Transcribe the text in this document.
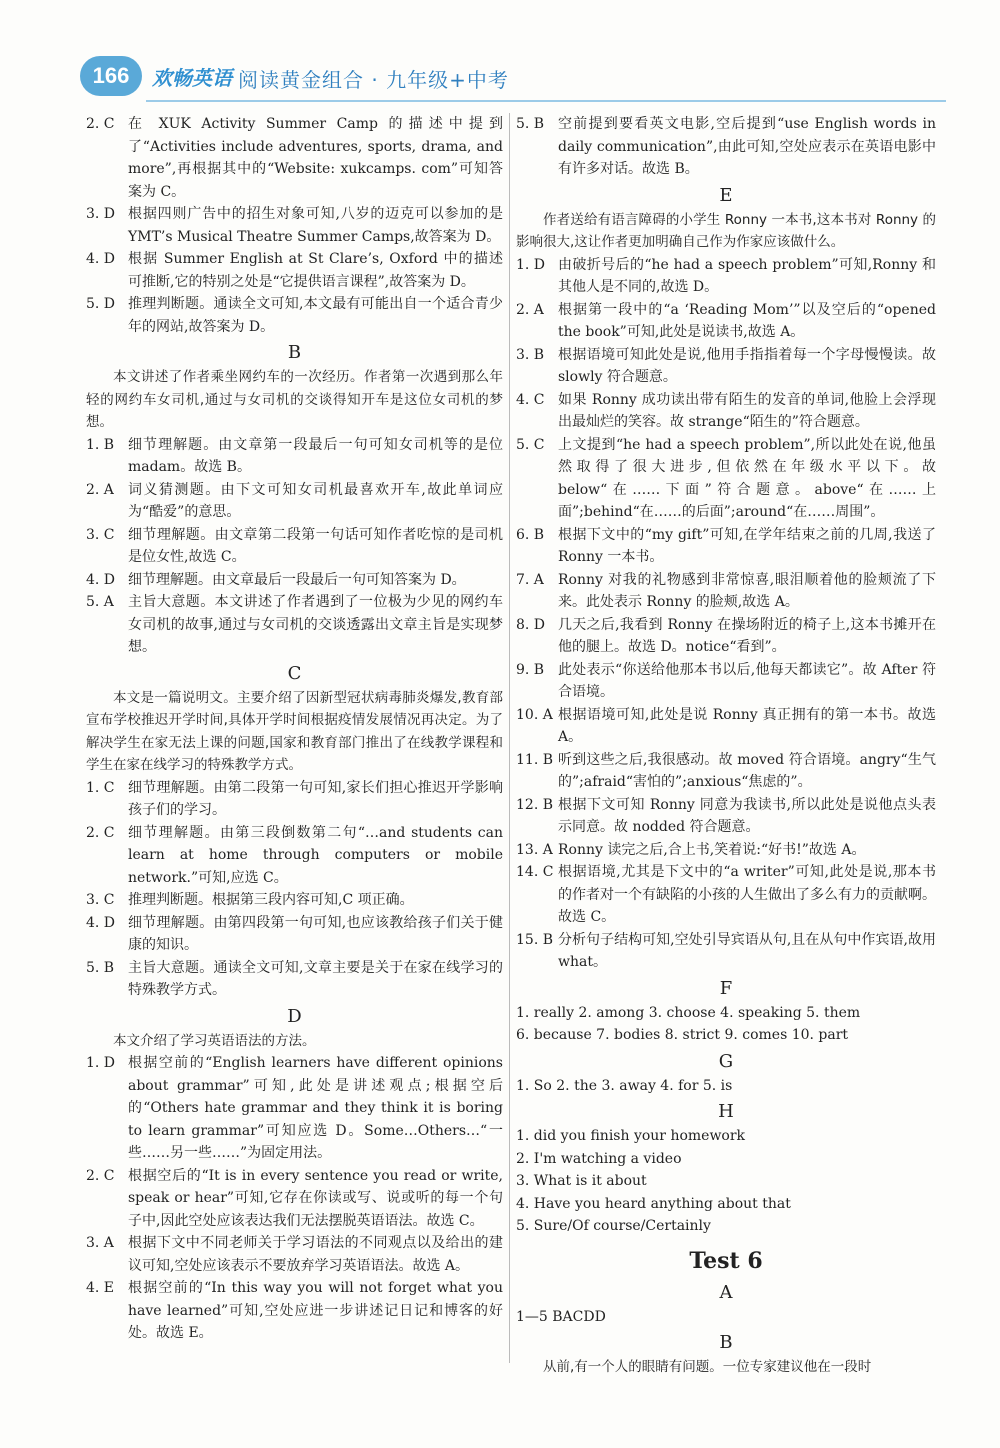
166	欢畅英语 阅读黄金组合 · 九年级+中考
2. C 在 XUK Activity Summer Camp 的描述中提到了“Activities include adventures, sports, drama, and more”,再根据其中的“Website: xukcamps. com”可知答案为 C。
3. D 根据四则广告中的招生对象可知,八岁的迈克可以参加的是 YMT’s Musical Theatre Summer Camps,故答案为 D。
4. D 根据 Summer English at St Clare’s, Oxford 中的描述可推断,它的特别之处是“它提供语言课程”,故答案为 D。
5. D 推理判断题。通读全文可知,本文最有可能出自一个适合青少年的网站,故答案为 D。
B
本文讲述了作者乘坐网约车的一次经历。作者第一次遇到那么年轻的网约车女司机,通过与女司机的交谈得知开车是这位女司机的梦想。
1. B 细节理解题。由文章第一段最后一句可知女司机等的是位 madam。故选 B。
2. A	词义猜测题。由下文可知女司机最喜欢开车,故此单词应为“酷爱”的意思。
3. C 细节理解题。由文章第二段第一句话可知作者吃惊的是司机是位女性,故选 C。
4. D 细节理解题。由文章最后一段最后一句可知答案为 D。
5. A	主旨大意题。本文讲述了作者遇到了一位极为少见的网约车女司机的故事,通过与女司机的交谈透露出文章主旨是实现梦想。
C
本文是一篇说明文。主要介绍了因新型冠状病毒肺炎爆发,教育部宣布学校推迟开学时间,具体开学时间根据疫情发展情况再决定。为了解决学生在家无法上课的问题,国家和教育部门推出了在线教学课程和学生在家在线学习的特殊教学方式。
1. C 细节理解题。由第二段第一句可知,家长们担心推迟开学影响孩子们的学习。
2. C 细节理解题。由第三段倒数第二句“…and students can learn at home through computers or mobile network.”可知,应选 C。
3. C 推理判断题。根据第三段内容可知,C 项正确。
4. D 细节理解题。由第四段第一句可知,也应该教给孩子们关于健康的知识。
5. B 主旨大意题。通读全文可知,文章主要是关于在家在线学习的特殊教学方式。
D
本文介绍了学习英语语法的方法。
1. D 根据空前的“English learners have different opinions about grammar”可知,此处是讲述观点;根据空后的“Others hate grammar and they think it is boring to learn grammar”可知应选 D。Some…Others…“一些……另一些……”为固定用法。
2. C 根据空后的“It is in every sentence you read or write, speak or hear”可知,它存在你读或写、说或听的每一个句子中,因此空处应该表达我们无法摆脱英语语法。故选 C。
3. A	根据下文中不同老师关于学习语法的不同观点以及给出的建议可知,空处应该表示不要放弃学习英语语法。故选 A。
4. E 根据空前的“In this way you will not forget what you have learned”可知,空处应进一步讲述记日记和博客的好处。故选 E。
5. B 空前提到要看英文电影,空后提到“use English words in daily communication”,由此可知,空处应表示在英语电影中有许多对话。故选 B。
E
作者送给有语言障碍的小学生 Ronny 一本书,这本书对 Ronny 的影响很大,这让作者更加明确自己作为作家应该做什么。
1. D 由破折号后的“he had a speech problem”可知,Ronny 和其他人是不同的,故选 D。
2. A	根据第一段中的“a ‘Reading Mom’”以及空后的“opened the book”可知,此处是说读书,故选 A。
3. B 根据语境可知此处是说,他用手指指着每一个字母慢慢读。故 slowly 符合题意。
4. C 如果 Ronny 成功读出带有陌生的发音的单词,他脸上会浮现出最灿烂的笑容。故 strange“陌生的”符合题意。
5. C 上文提到“he had a speech problem”,所以此处在说,他虽然取得了很大进步,但依然在年级水平以下。故 below“在……下面”符合题意。above“在……上面”;behind“在……的后面”;around“在……周围”。
6. B 根据下文中的“my gift”可知,在学年结束之前的几周,我送了 Ronny 一本书。
7. A	Ronny 对我的礼物感到非常惊喜,眼泪顺着他的脸颊流了下来。此处表示 Ronny 的脸颊,故选 A。
8. D 几天之后,我看到 Ronny 在操场附近的椅子上,这本书摊开在他的腿上。故选 D。notice“看到”。
9. B 此处表示“你送给他那本书以后,他每天都读它”。故 After 符合语境。
10. A 根据语境可知,此处是说 Ronny 真正拥有的第一本书。故选 A。
11. B 听到这些之后,我很感动。故 moved 符合语境。angry“生气的”;afraid“害怕的”;anxious“焦虑的”。
12. B 根据下文可知 Ronny 同意为我读书,所以此处是说他点头表示同意。故 nodded 符合题意。
13. A Ronny 读完之后,合上书,笑着说:“好书!”故选 A。
14. C 根据语境,尤其是下文中的“a writer”可知,此处是说,那本书的作者对一个有缺陷的小孩的人生做出了多么有力的贡献啊。故选 C。
15. B 分析句子结构可知,空处引导宾语从句,且在从句中作宾语,故用 what。
F
1. really 2. among 3. choose 4. speaking 5. them
6. because 7. bodies 8. strict 9. comes 10. part
G
1. So 2. the 3. away 4. for 5. is
H
1. did you finish your homework
2. I'm watching a video
3. What is it about
4. Have you heard anything about that
5. Sure/Of course/Certainly
Test 6
A
1—5 BACDD
B
从前,有一个人的眼睛有问题。一位专家建议他在一段时
